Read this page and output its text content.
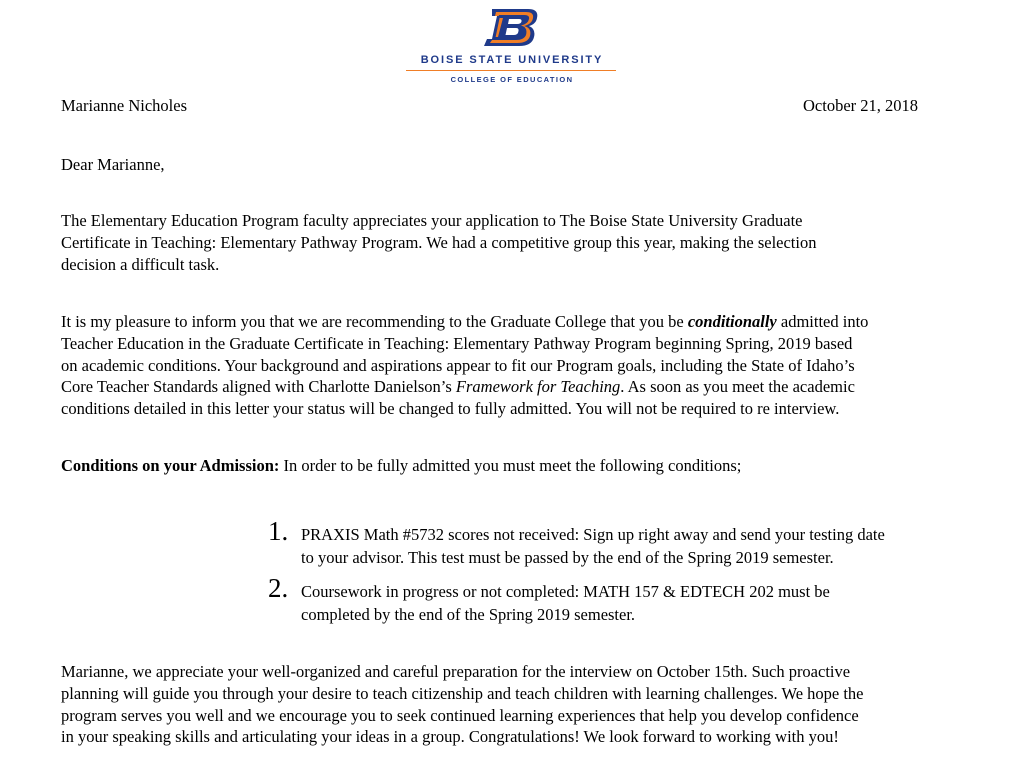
BOISE STATE UNIVERSITY
COLLEGE OF EDUCATION
Marianne Nicholes	October 21, 2018
Dear Marianne,

The Elementary Education Program faculty appreciates your application to The Boise State University Graduate

Certificate in Teaching: Elementary Pathway Program. We had a competitive group this year, making the selection

decision a difficult task.

It is my pleasure to inform you that we are recommending to the Graduate College that you be conditionally admitted into

Teacher Education in the Graduate Certificate in Teaching: Elementary Pathway Program beginning Spring, 2019 based

on academic conditions. Your background and aspirations appear to fit our Program goals, including the State of Idaho’s

Core Teacher Standards aligned with Charlotte Danielson’s Framework for Teaching. As soon as you meet the academic

conditions detailed in this letter your status will be changed to fully admitted. You will not be required to re interview.

Conditions on your Admission: In order to be fully admitted you must meet the following conditions;
1. PRAXIS Math #5732 scores not received: Sign up right away and send your testing date

to your advisor. This test must be passed by the end of the Spring 2019 semester.

2. Coursework in progress or not completed: MATH 157 & EDTECH 202 must be

completed by the end of the Spring 2019 semester.

Marianne, we appreciate your well-organized and careful preparation for the interview on October 15th. Such proactive

planning will guide you through your desire to teach citizenship and teach children with learning challenges. We hope the

program serves you well and we encourage you to seek continued learning experiences that help you develop confidence

in your speaking skills and articulating your ideas in a group. Congratulations! We look forward to working with you!
